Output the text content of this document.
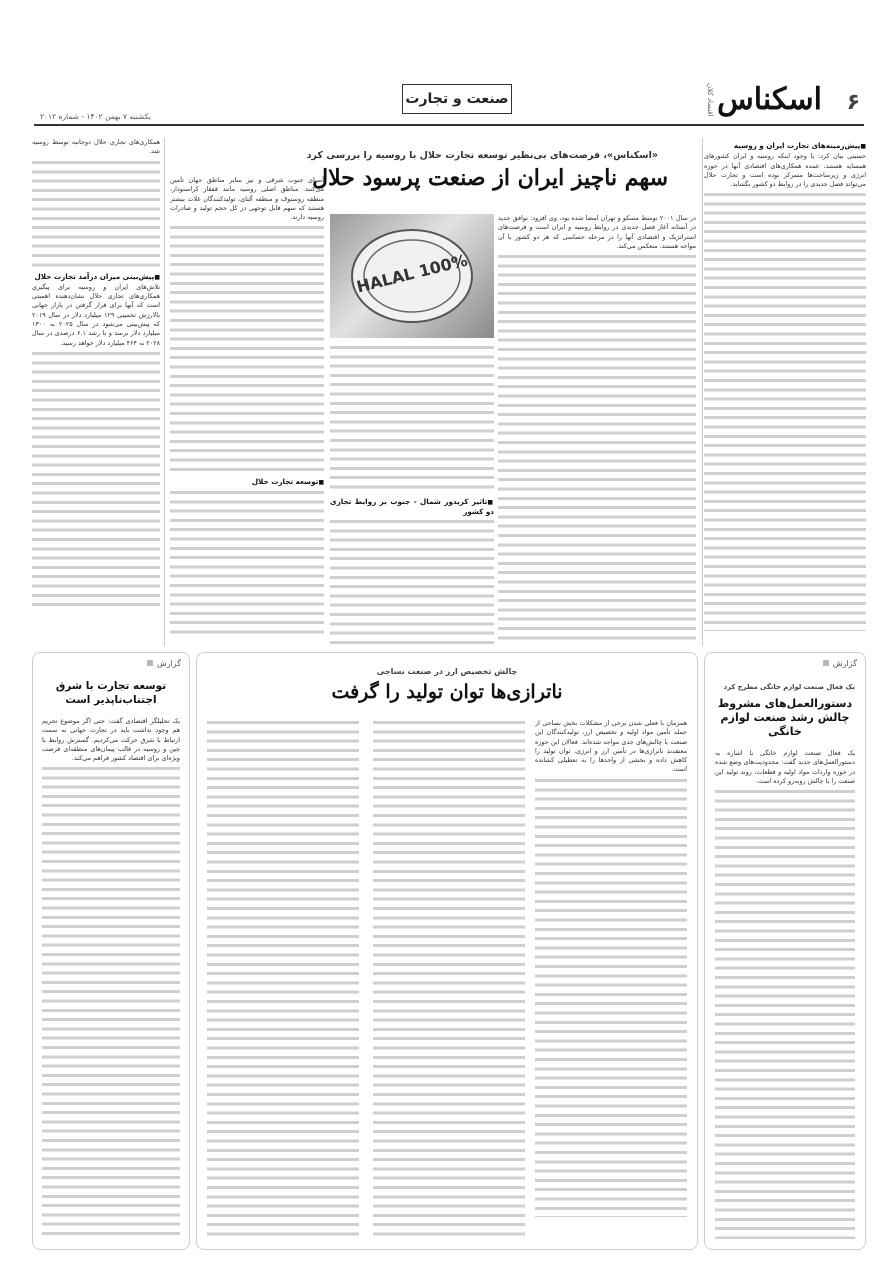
۶
اسکناس
اقتصاد کلان
صنعت و تجارت
یکشنبه ۷ بهمن ۱۴۰۲ - شماره ۲۰۱۲
■ پیش‌زمینه‌های تجارت ایران و روسیه

حسینی بیان کرد: با وجود اینکه روسیه و ایران کشورهای همسایه هستند، عمده همکاری‌های اقتصادی آنها در حوزه انرژی و زیرساخت‌ها متمرکز بوده است و تجارت حلال می‌تواند فصل جدیدی را در روابط دو کشور بگشاید.

«اسکناس»، فرصت‌های بی‌نظیر توسعه تجارت حلال با روسیه را بررسی کرد
سهم ناچیز ایران از صنعت پرسود حلال
100% HALAL

در سال ۲۰۰۱ توسط مسکو و تهران امضا شده بود، وی افزود: توافق جدید در آستانه آغاز فصل جدیدی در روابط روسیه و ایران است و فرصت‌های استراتژیک و اقتصادی آنها را در مرحله حساسی که هر دو کشور با آن مواجه هستند، منعکس می‌کند.

■ تاثیر کریدور شمال - جنوب بر روابط تجاری دو کشور

آسیای جنوب شرقی و نیز سایر مناطق جهان تأمین می‌کنند. مناطق اصلی روسیه مانند قفقاز کراسنودار، منطقه روستوف و منطقه آلتای، تولیدکنندگان غلات بیشتر هستند که سهم قابل توجهی در کل حجم تولید و صادرات روسیه دارند.

■ توسعه تجارت حلال

همکاری‌های تجاری حلال دوجانبه توسط روسیه شد.

■ پیش‌بینی میزان درآمد تجارت حلال

تلاش‌های ایران و روسیه برای پیگیری همکاری‌های تجاری حلال نشان‌دهنده اهمیتی است که آنها برای قرار گرفتن در بازار جهانی بالارزش تخمینی ۱۲۹ میلیارد دلار در سال ۲۰۱۹ که پیش‌بینی می‌شود در سال ۲۰۲۵ به ۱۳۰۰ میلیارد دلار برسد و با رشد ۶.۱ درصدی در سال ۲۰۲۸ به ۴۶۴ میلیارد دلار خواهد رسید.

گزارش
یک فعال صنعت لوازم خانگی مطرح کرد
دستورالعمل‌های مشروط چالش رشد صنعت لوازم خانگی

یک فعال صنعت لوازم خانگی با اشاره به دستورالعمل‌های جدید گفت: محدودیت‌های وضع شده در حوزه واردات مواد اولیه و قطعات، روند تولید این صنعت را با چالش روبه‌رو کرده است.

چالش تخصیص ارز در صنعت نساجی
ناترازی‌ها توان تولید را گرفت

همزمان با فعلی شدن برخی از مشکلات بخش نساجی از جمله تأمین مواد اولیه و تخصیص ارز، تولیدکنندگان این صنعت با چالش‌های جدی مواجه شده‌اند. فعالان این حوزه معتقدند ناترازی‌ها در تأمین ارز و انرژی، توان تولید را کاهش داده و بخشی از واحدها را به تعطیلی کشانده است.

گزارش
توسعه تجارت با شرق اجتناب‌ناپذیر است

یک تحلیلگر اقتصادی گفت: حتی اگر موضوع تحریم هم وجود نداشت باید در تجارت جهانی به سمت ارتباط با شرق حرکت می‌کردیم. گسترش روابط با چین و روسیه در قالب پیمان‌های منطقه‌ای فرصت ویژه‌ای برای اقتصاد کشور فراهم می‌کند.
